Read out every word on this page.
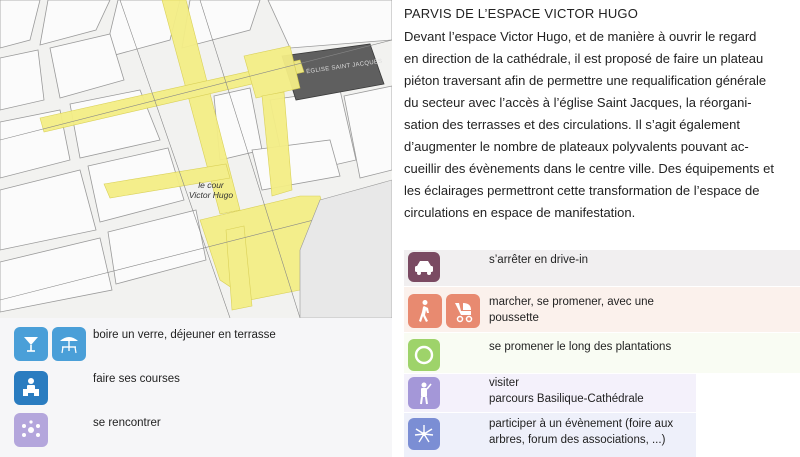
ÉGLISE SAINT JACQUES
le cour
Victor Hugo
PARVIS DE L’ESPACE VICTOR HUGO

Devant l’espace Victor Hugo, et de manière à ouvrir le regard
en direction de la cathédrale, il est proposé de faire un plateau
piéton traversant afin de permettre une requalification générale
du secteur avec l’accès à l’église Saint Jacques, la réorgani-
sation des terrasses et des circulations. Il s’agit également
d’augmenter le nombre de plateaux polyvalents pouvant ac-
cueillir des évènements dans le centre ville. Des équipements et
les éclairages permettront cette transformation de l’espace de
circulations en espace de manifestation.

boire un verre, déjeuner en terrasse
faire ses courses
se rencontrer
s’arrêter en drive-in
marcher, se promener, avec une
poussette
se promener le long des plantations
visiter
parcours Basilique-Cathédrale
participer à un évènement (foire aux
arbres, forum des associations, ...)
